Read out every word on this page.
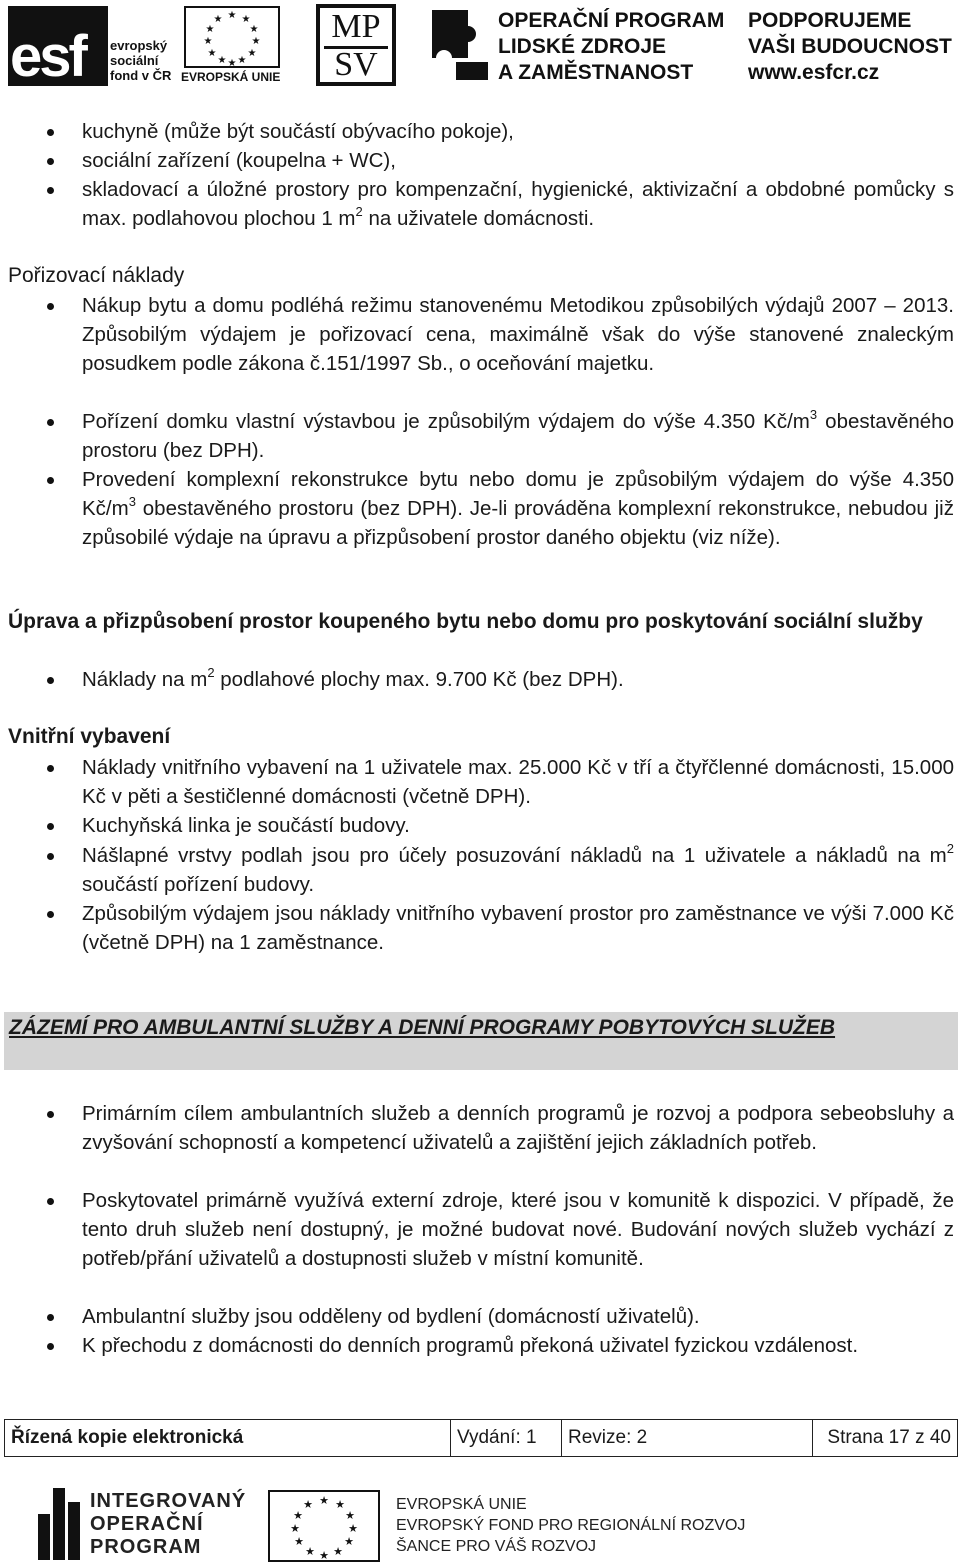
esf evropský
sociální
fond v ČR
★ ★
★
★
★
★
★
★
★
★
★
★
EVROPSKÁ UNIE
MP
SV
OPERAČNÍ PROGRAM
LIDSKÉ ZDROJE
A ZAMĚSTNANOST
PODPORUJEME
VAŠI BUDOUCNOST
www.esfcr.cz
kuchyně (může být součástí obývacího pokoje),
sociální zařízení (koupelna + WC),
skladovací a úložné prostory pro kompenzační, hygienické, aktivizační a obdobné pomůcky s max. podlahovou plochou 1 $m^2$ na uživatele domácnosti.
Pořizovací náklady
Nákup bytu a domu podléhá režimu stanovenému Metodikou způsobilých výdajů 2007 – 2013. Způsobilým výdajem je pořizovací cena, maximálně však do výše stanovené znaleckým posudkem podle zákona č.151/1997 Sb., o oceňování majetku.
Pořízení domku vlastní výstavbou je způsobilým výdajem do výše 4.350 $Kč/m^3$ obestavěného prostoru (bez DPH).
Provedení komplexní rekonstrukce bytu nebo domu je způsobilým výdajem do výše 4.350 $Kč/m^3$ obestavěného prostoru (bez DPH). Je-li prováděna komplexní rekonstrukce, nebudou již způsobilé výdaje na úpravu a přizpůsobení prostor daného objektu (viz níže).
Úprava a přizpůsobení prostor koupeného bytu nebo domu pro poskytování sociální služby
Náklady na $m^2$ podlahové plochy max. 9.700 Kč (bez DPH).
Vnitřní vybavení
Náklady vnitřního vybavení na 1 uživatele max. 25.000 Kč v tří a čtyřčlenné domácnosti, 15.000 Kč v pěti a šestičlenné domácnosti (včetně DPH).
Kuchyňská linka je součástí budovy.
Nášlapné vrstvy podlah jsou pro účely posuzování nákladů na 1 uživatele a nákladů na $m^2$ součástí pořízení budovy.
Způsobilým výdajem jsou náklady vnitřního vybavení prostor pro zaměstnance ve výši 7.000 Kč (včetně DPH) na 1 zaměstnance.
ZÁZEMÍ PRO AMBULANTNÍ SLUŽBY A DENNÍ PROGRAMY POBYTOVÝCH SLUŽEB
Primárním cílem ambulantních služeb a denních programů je rozvoj a podpora sebeobsluhy a zvyšování schopností a kompetencí uživatelů a zajištění jejich základních potřeb.
Poskytovatel primárně využívá externí zdroje, které jsou v komunitě k dispozici. V případě, že tento druh služeb není dostupný, je možné budovat nové. Budování nových služeb vychází z potřeb/přání uživatelů a dostupnosti služeb v místní komunitě.
Ambulantní služby jsou odděleny od bydlení (domácností uživatelů).
K přechodu z domácnosti do denních programů překoná uživatel fyzickou vzdálenost.
Řízená kopie elektronická	Vydání: 1	Revize: 2	Strana 17 z 40
INTEGROVANÝ
OPERAČNÍ
PROGRAM
★ ★
★
★
★
★
★
★
★
★
★
★
EVROPSKÁ UNIE
EVROPSKÝ FOND PRO REGIONÁLNÍ ROZVOJ
ŠANCE PRO VÁŠ ROZVOJ
